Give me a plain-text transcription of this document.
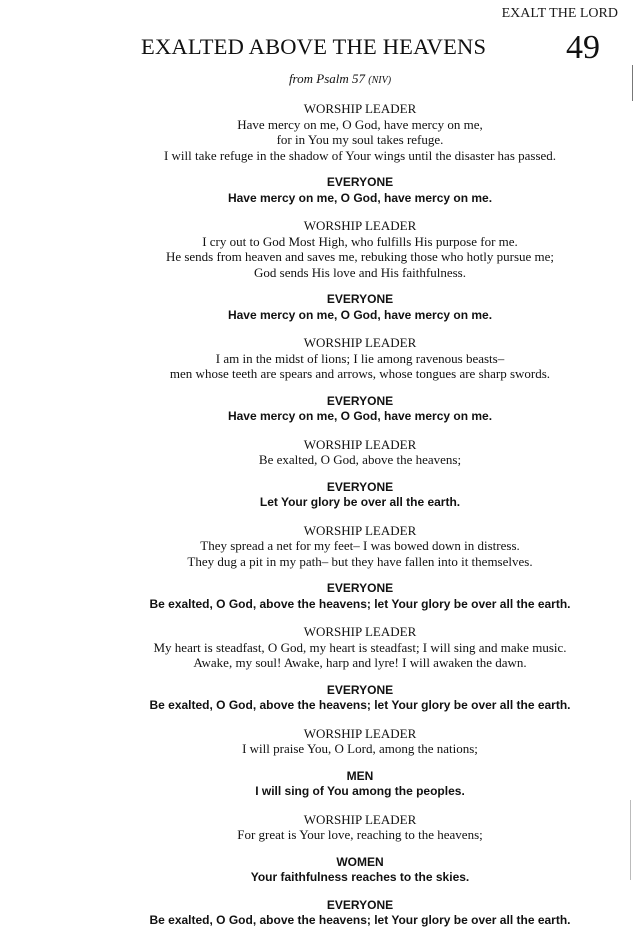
EXALT THE LORD
EXALTED ABOVE THE HEAVENS 49
from Psalm 57 (NIV)
WORSHIP LEADER
Have mercy on me, O God, have mercy on me,
for in You my soul takes refuge.
I will take refuge in the shadow of Your wings until the disaster has passed.
EVERYONE
Have mercy on me, O God, have mercy on me.
WORSHIP LEADER
I cry out to God Most High, who fulfills His purpose for me.
He sends from heaven and saves me, rebuking those who hotly pursue me;
God sends His love and His faithfulness.
EVERYONE
Have mercy on me, O God, have mercy on me.
WORSHIP LEADER
I am in the midst of lions; I lie among ravenous beasts–
men whose teeth are spears and arrows, whose tongues are sharp swords.
EVERYONE
Have mercy on me, O God, have mercy on me.
WORSHIP LEADER
Be exalted, O God, above the heavens;
EVERYONE
Let Your glory be over all the earth.
WORSHIP LEADER
They spread a net for my feet– I was bowed down in distress.
They dug a pit in my path– but they have fallen into it themselves.
EVERYONE
Be exalted, O God, above the heavens; let Your glory be over all the earth.
WORSHIP LEADER
My heart is steadfast, O God, my heart is steadfast; I will sing and make music.
Awake, my soul! Awake, harp and lyre! I will awaken the dawn.
EVERYONE
Be exalted, O God, above the heavens; let Your glory be over all the earth.
WORSHIP LEADER
I will praise You, O Lord, among the nations;
MEN
I will sing of You among the peoples.
WORSHIP LEADER
For great is Your love, reaching to the heavens;
WOMEN
Your faithfulness reaches to the skies.
EVERYONE
Be exalted, O God, above the heavens; let Your glory be over all the earth.
